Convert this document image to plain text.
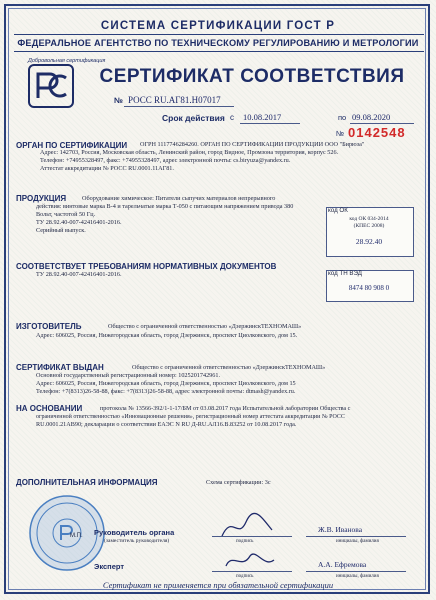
СИСТЕМА СЕРТИФИКАЦИИ ГОСТ Р
ФЕДЕРАЛЬНОЕ АГЕНТСТВО ПО ТЕХНИЧЕСКОМУ РЕГУЛИРОВАНИЮ И МЕТРОЛОГИИ
Добровольная сертификация
СЕРТИФИКАТ СООТВЕТСТВИЯ
№ РОСС RU.АГ81.Н07017
Срок действия с 10.08.2017	по 09.08.2020
№ 0142548
ОРГАН ПО СЕРТИФИКАЦИИ ОГРН 1117746284260. ОРГАН ПО СЕРТИФИКАЦИИ ПРОДУКЦИИ ООО "Бирюза"
Адрес: 142703, Россия, Московская область, Ленинский район, город Видное, Промзона территория, корпус 526.
Телефон: +74955328497, факс: +74955328497, адрес электронной почты: cs.biryuza@yandex.ru.
Аттестат аккредитации № РОСС RU.0001.11АГ81.
ПРОДУКЦИЯ	Оборудование химическое: Питатели сыпучих материалов непрерывного
действия: винтовые марка В-4 и тарельчатые марка Т-050 с питающим напряжением привода 380
Вольт, частотой 50 Гц.
ТУ 28.92.40-007-42416401-2016.
Серийный выпуск.
код ОК
код ОК 034-2014
(КПЕС 2008)
28.92.40
СООТВЕТСТВУЕТ ТРЕБОВАНИЯМ НОРМАТИВНЫХ ДОКУМЕНТОВ
ТУ 28.92.40-007-42416401-2016.	код ТН ВЭД
8474 80 908 0
ИЗГОТОВИТЕЛЬ	Общество с ограниченной ответственностью «ДзержинскТЕХНОМАШ»
Адрес: 606025, Россия, Нижегородская область, город Дзержинск, проспект Циолковского, дом 15.
СЕРТИФИКАТ ВЫДАН	Общество с ограниченной ответственностью «ДзержинскТЕХНОМАШ»
Основной государственный регистрационный номер: 1025201742961.
Адрес: 606025, Россия, Нижегородская область, город Дзержинск, проспект Циолковского, дом 15
Телефон: +7(8313)26-58-88, факс: +7(8313)26-58-88, адрес электронной почты: dtmash@yandex.ru.
НА ОСНОВАНИИ	протокола № 13566-392/1-1-17/БМ от 03.08.2017 года Испытательной лаборатории Общества с
ограниченной ответственностью «Инновационные решения», регистрационный номер аттестата аккредитации № РОСС
RU.0001.21АВ90; декларации о соответствии ЕАЭС N RU Д-RU.АЛ16.В.83252 от 10.08.2017 года.
ДОПОЛНИТЕЛЬНАЯ ИНФОРМАЦИЯ	Схема сертификации: 3с
М.П. Руководитель органа
(заместитель руководителя)	подпись
Ж.В. Иванова
инициалы, фамилия
Эксперт
подпись
А.А. Ефремова
инициалы, фамилия
Сертификат не применяется при обязательной сертификации
